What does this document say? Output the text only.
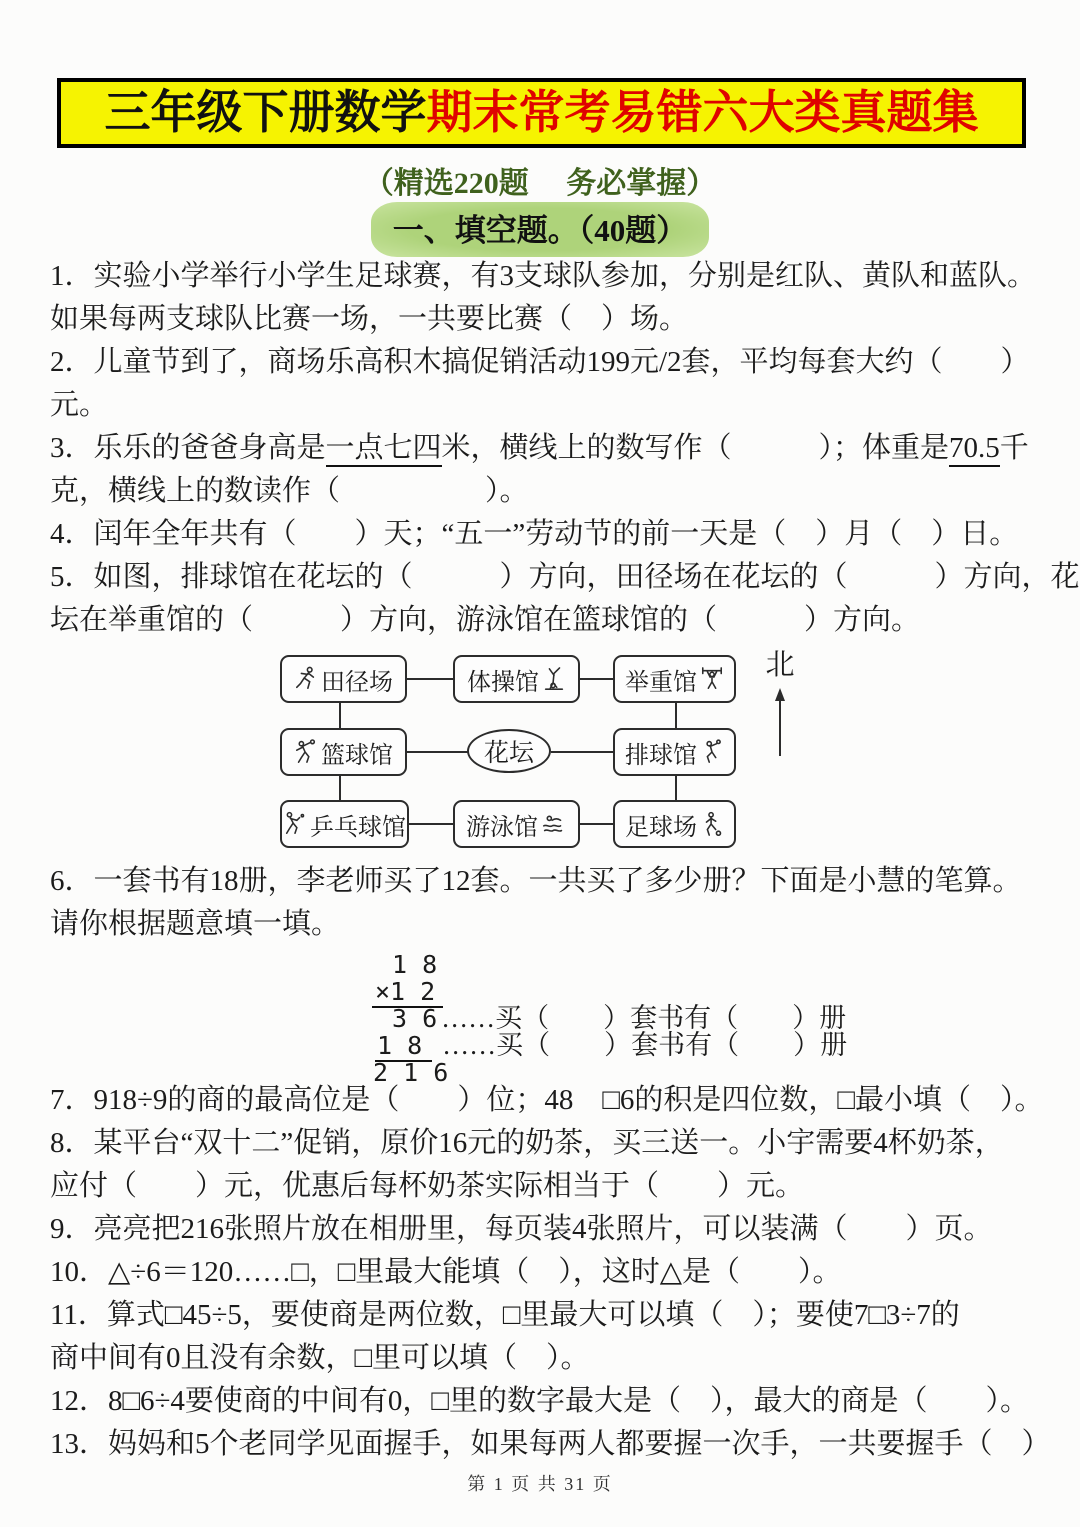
三年级下册数学 期末常考易错六大类真题集
（精选220题　 务必掌握）
一、填空题。（40题）
1．实验小学举行小学生足球赛，有3支球队参加，分别是红队、黄队和蓝队。
如果每两支球队比赛一场，一共要比赛（　）场。
2．儿童节到了，商场乐高积木搞促销活动199元/2套，平均每套大约（　　）
元。
3．乐乐的爸爸身高是一点七四米，横线上的数写作（　　　）；体重是70.5千
克，横线上的数读作（　　　　　）。
4．闰年全年共有（　　）天；“五一”劳动节的前一天是（　）月（　）日。
5．如图，排球馆在花坛的（　　　）方向，田径场在花坛的（　　　）方向，花
坛在举重馆的（　　　）方向，游泳馆在篮球馆的（　　　）方向。
田径场	体操馆	举重馆
篮球馆	花坛	排球馆
乒乓球馆	游泳馆	足球场
北
6．一套书有18册，李老师买了12套。一共买了多少册？下面是小慧的笔算。
请你根据题意填一填。
1 8
×1 2
3 6 ……买（　　）套书有（　　）册
1 8 ……买（　　）套书有（　　）册
2 1 6
7．918÷9的商的最高位是（　　）位；48　□6的积是四位数，□最小填（　）。
8．某平台“双十二”促销，原价16元的奶茶，买三送一。小宇需要4杯奶茶，
应付（　　）元，优惠后每杯奶茶实际相当于（　　）元。
9．亮亮把216张照片放在相册里，每页装4张照片，可以装满（　　）页。
10．△÷6＝120……□，□里最大能填（　），这时△是（　　）。
11．算式□45÷5，要使商是两位数，□里最大可以填（　）；要使7□3÷7的
商中间有0且没有余数，□里可以填（　）。
12．8□6÷4要使商的中间有0，□里的数字最大是（　），最大的商是（　　）。
13．妈妈和5个老同学见面握手，如果每两人都要握一次手，一共要握手（　）
第 1 页 共 31 页
